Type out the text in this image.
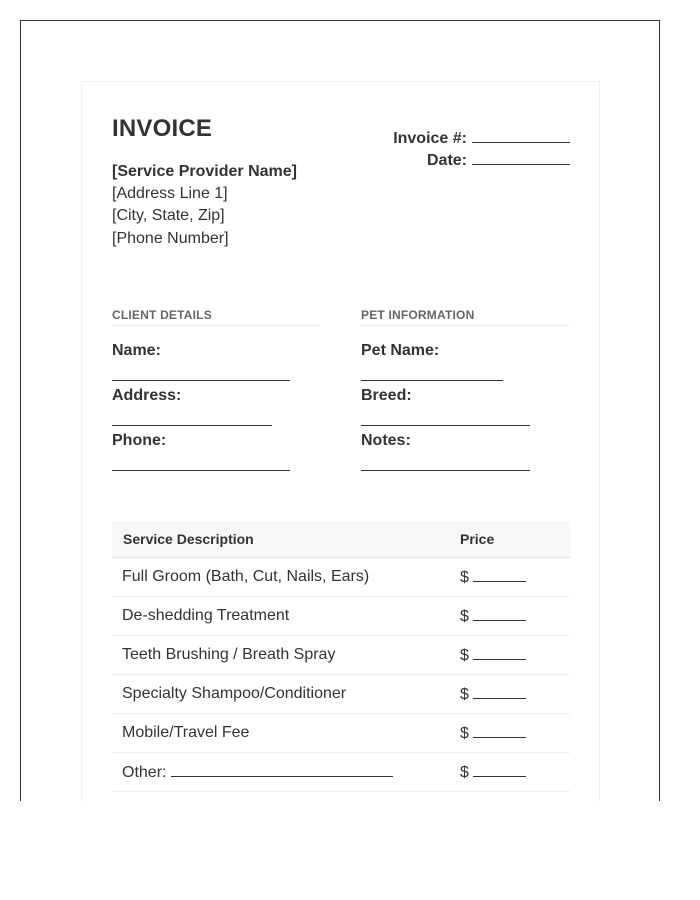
INVOICE	Invoice #:
Date:
[Service Provider Name]
[Address Line 1]
[City, State, Zip]
[Phone Number]
CLIENT DETAILS
Name:
Address:
Phone:
PET INFORMATION
Pet Name:
Breed:
Notes:
Service Description	Price
Full Groom (Bath, Cut, Nails, Ears)	$
De-shedding Treatment	$
Teeth Brushing / Breath Spray	$
Specialty Shampoo/Conditioner	$
Mobile/Travel Fee	$
Other:	$
